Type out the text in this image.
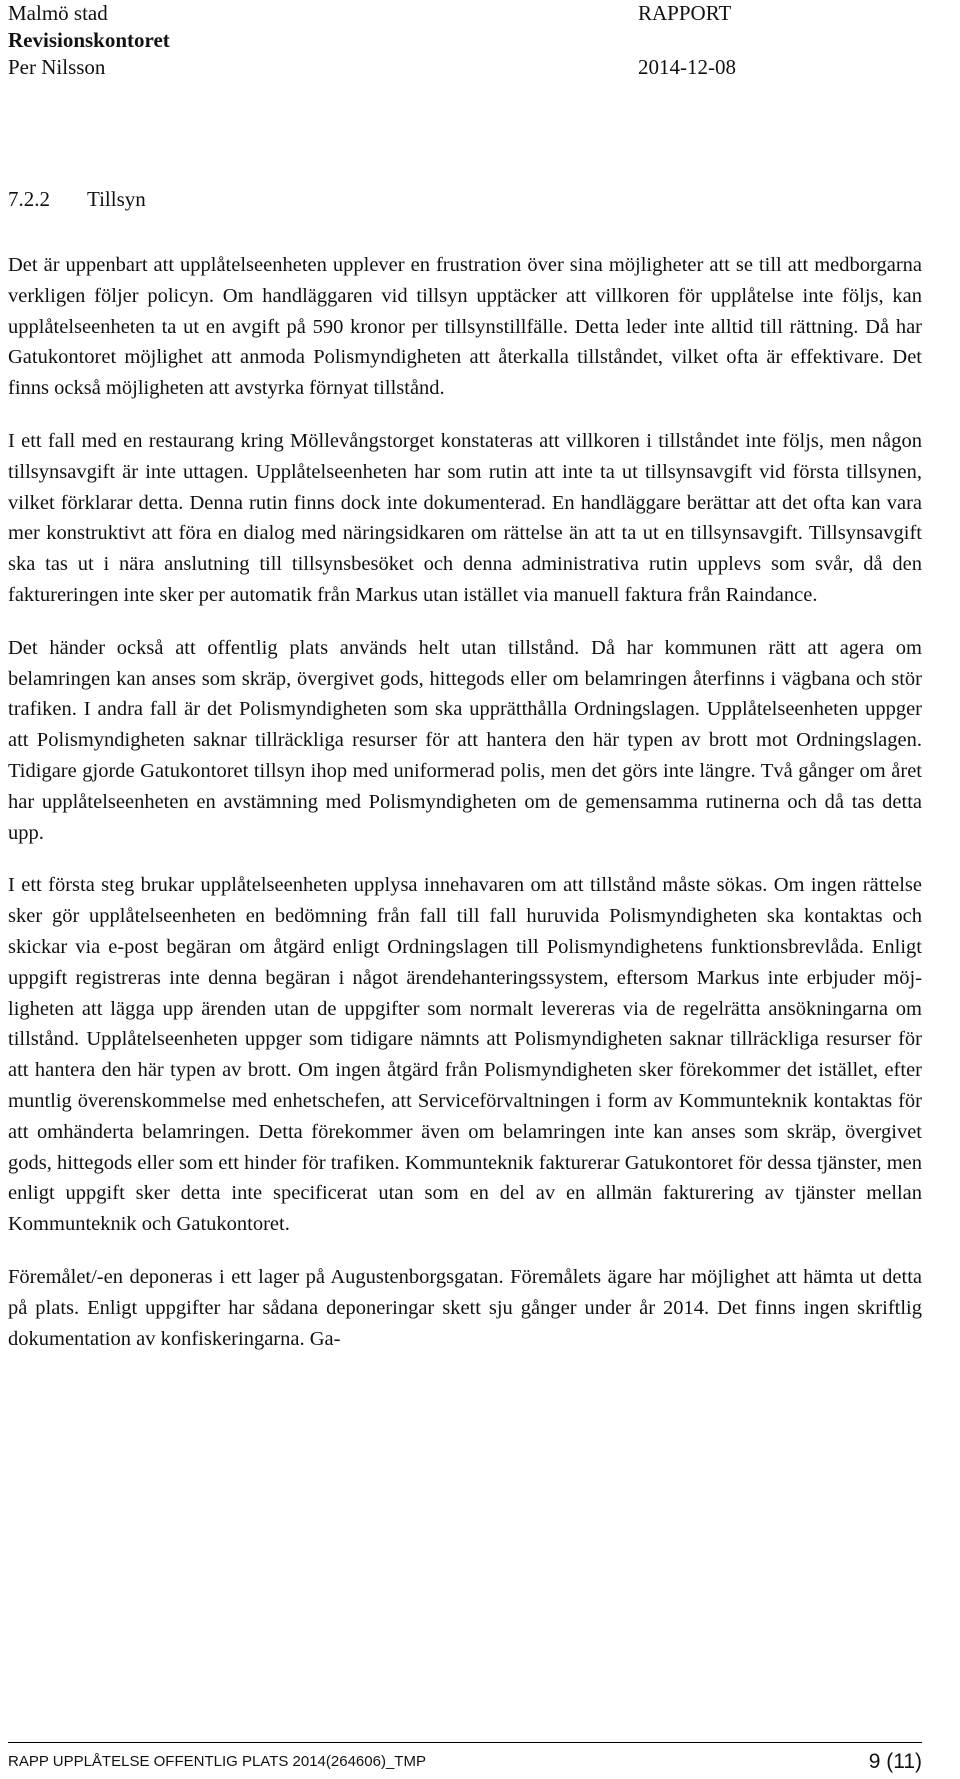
Malmö stad	RAPPORT
Revisionskontoret
Per Nilsson	2014-12-08
7.2.2 Tillsyn

Det är uppenbart att upplåtelseenheten upplever en frustration över sina möjligheter att se till att medborgarna verkligen följer policyn. Om handläggaren vid tillsyn upptäcker att villkoren för upplåtelse inte följs, kan upplåtelseenheten ta ut en avgift på 590 kronor per tillsynstillfälle. Detta leder inte alltid till rättning. Då har Gatukontoret möjlighet att anmoda Polismyndigheten att återkalla tillståndet, vilket ofta är effektivare. Det finns också möjligheten att avstyrka förnyat tillstånd.

I ett fall med en restaurang kring Möllevångstorget konstateras att villkoren i tillståndet inte följs, men någon tillsynsavgift är inte uttagen. Upplåtelseenheten har som rutin att inte ta ut tillsynsavgift vid första tillsynen, vilket förklarar detta. Denna rutin finns dock inte dokumenterad. En handläggare berättar att det ofta kan vara mer konstruktivt att föra en dialog med näringsidkaren om rättelse än att ta ut en tillsynsavgift. Tillsynsavgift ska tas ut i nära anslutning till tillsynsbesöket och denna administrativa rutin upplevs som svår, då den faktureringen inte sker per automatik från Markus utan istället via manuell faktura från Raindance.

Det händer också att offentlig plats används helt utan tillstånd. Då har kommunen rätt att agera om belamringen kan anses som skräp, övergivet gods, hittegods eller om belamringen återfinns i vägbana och stör trafiken. I andra fall är det Polismyndigheten som ska upprätthålla Ordningslagen. Upplåtelseenheten uppger att Polismyndigheten saknar tillräckliga resurser för att hantera den här typen av brott mot Ordningslagen. Tidigare gjorde Gatukontoret tillsyn ihop med uniformerad polis, men det görs inte längre. Två gånger om året har upplåtelseenheten en avstämning med Polismyndigheten om de gemensamma rutinerna och då tas detta upp.

I ett första steg brukar upplåtelseenheten upplysa innehavaren om att tillstånd måste sökas. Om ingen rättelse sker gör upplåtelseenheten en bedömning från fall till fall huruvida Polismyndigheten ska kontaktas och skickar via e-post begäran om åtgärd enligt Ordningslagen till Polismyndighetens funktionsbrevlåda. Enligt uppgift registreras inte denna begäran i något ärendehanteringssystem, eftersom Markus inte erbjuder möjligheten att lägga upp ärenden utan de uppgifter som normalt levereras via de regelrätta ansökningarna om tillstånd. Upplåtelseenheten uppger som tidigare nämnts att Polismyndigheten saknar tillräckliga resurser för att hantera den här typen av brott. Om ingen åtgärd från Polismyndigheten sker förekommer det istället, efter muntlig överenskommelse med enhetschefen, att Serviceförvaltningen i form av Kommunteknik kontaktas för att omhänderta belamringen. Detta förekommer även om belamringen inte kan anses som skräp, övergivet gods, hittegods eller som ett hinder för trafiken. Kommunteknik fakturerar Gatukontoret för dessa tjänster, men enligt uppgift sker detta inte specificerat utan som en del av en allmän fakturering av tjänster mellan Kommunteknik och Gatukontoret.

Föremålet/-en deponeras i ett lager på Augustenborgsgatan. Föremålets ägare har möjlighet att hämta ut detta på plats. Enligt uppgifter har sådana deponeringar skett sju gånger under år 2014. Det finns ingen skriftlig dokumentation av konfiskeringarna. Ga-

RAPP UPPLÅTELSE OFFENTLIG PLATS 2014(264606)_TMP	9 (11)
